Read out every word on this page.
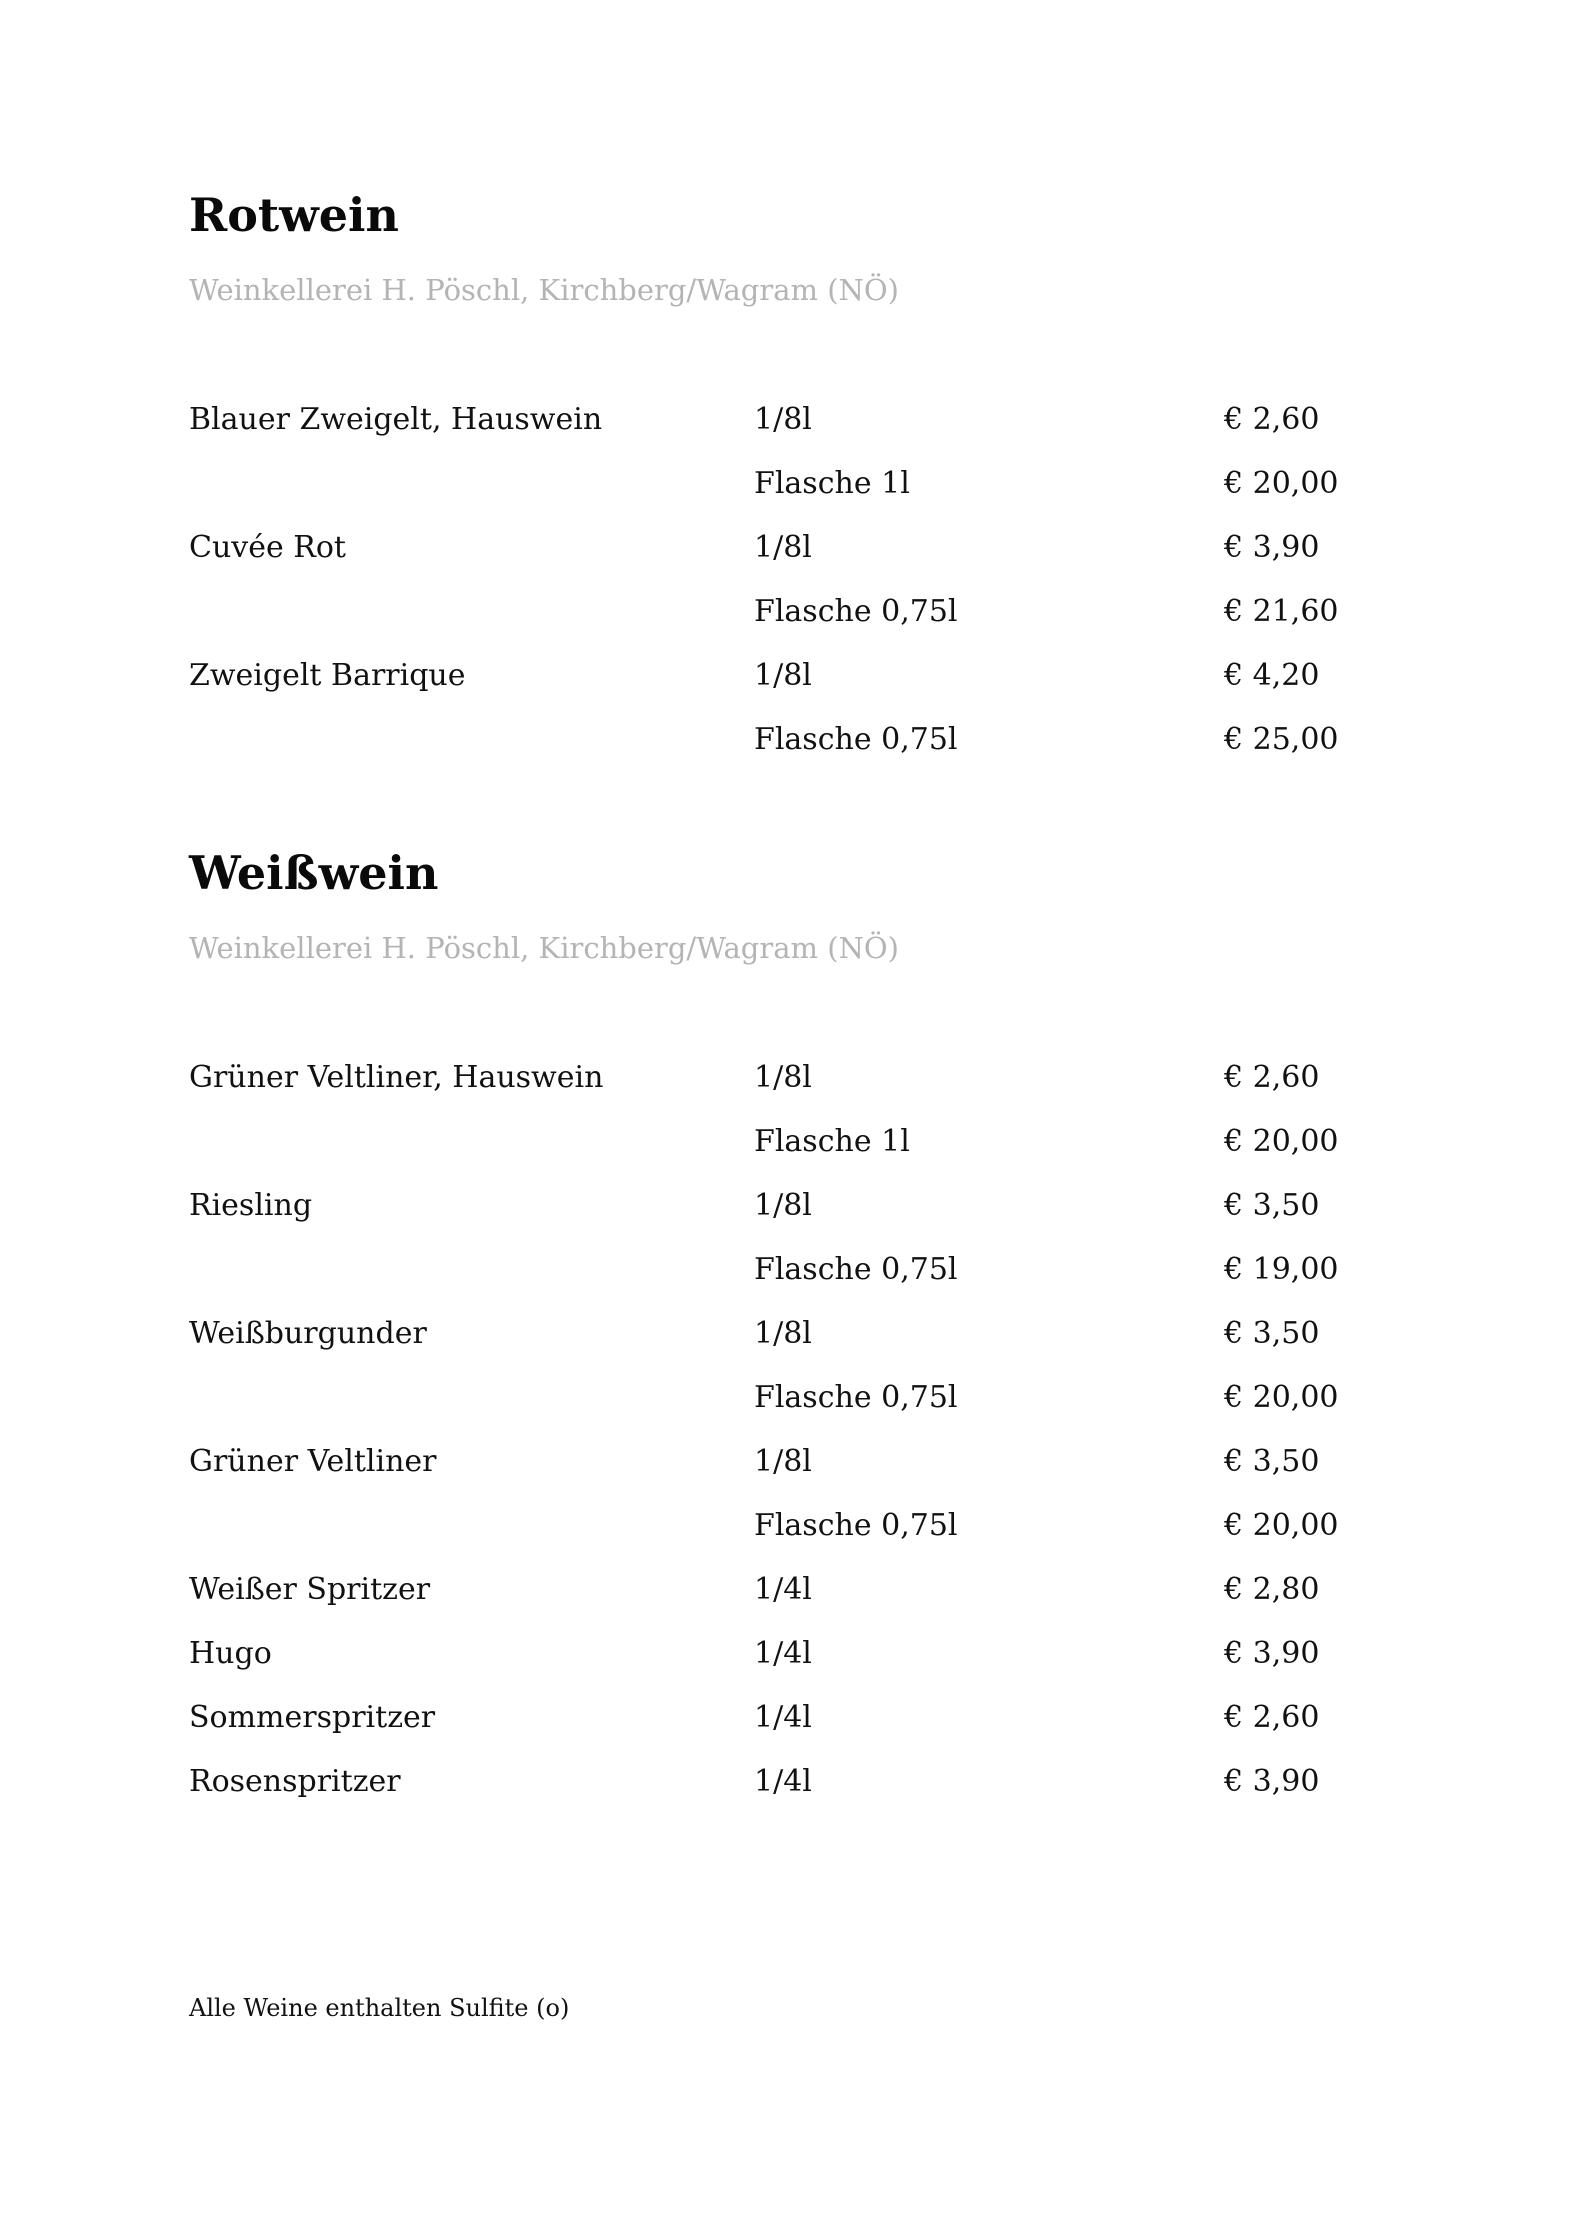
Rotwein
Weinkellerei H. Pöschl, Kirchberg/Wagram (NÖ)
Blauer Zweigelt, Hauswein	1/8l	€ 2,60
Flasche 1l	€ 20,00
Cuvée Rot	1/8l	€ 3,90
Flasche 0,75l	€ 21,60
Zweigelt Barrique	1/8l	€ 4,20
Flasche 0,75l	€ 25,00
Weißwein
Weinkellerei H. Pöschl, Kirchberg/Wagram (NÖ)
Grüner Veltliner, Hauswein	1/8l	€ 2,60
Flasche 1l	€ 20,00
Riesling	1/8l	€ 3,50
Flasche 0,75l	€ 19,00
Weißburgunder	1/8l	€ 3,50
Flasche 0,75l	€ 20,00
Grüner Veltliner	1/8l	€ 3,50
Flasche 0,75l	€ 20,00
Weißer Spritzer	1/4l	€ 2,80
Hugo	1/4l	€ 3,90
Sommerspritzer	1/4l	€ 2,60
Rosenspritzer	1/4l	€ 3,90
Alle Weine enthalten Sulfite (o)
